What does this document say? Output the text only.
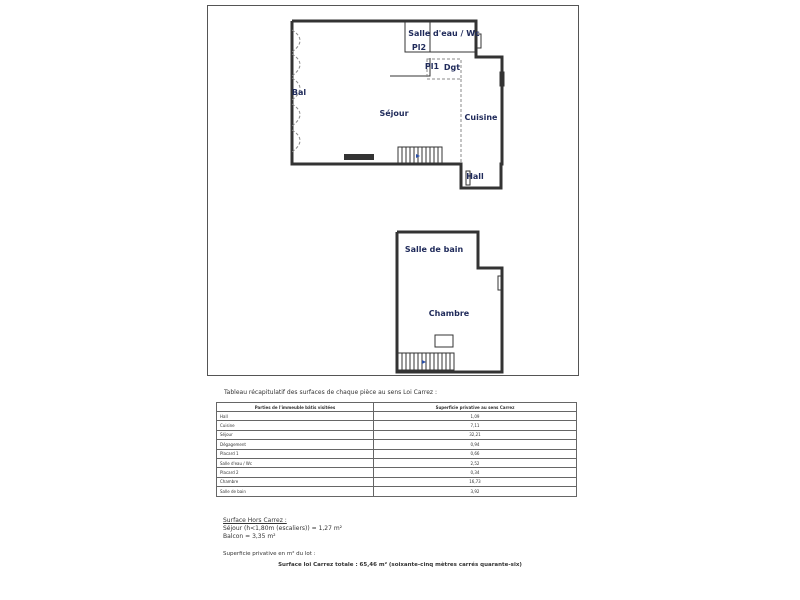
Salle d'eau / Wc
Pl2
Pl1 Dgt
Bal
Séjour	Cuisine
Hall
Salle de bain
Chambre
Tableau récapitulatif des surfaces de chaque pièce au sens Loi Carrez :
Parties de l'immeuble bâtis visitées	Superficie privative au sens Carrez
Hall	1,09
Cuisine	7,11
Séjour	32,21
Dégagement	0,94
Placard 1	0,66
Salle d'eau / Wc	2,52
Placard 2	0,34
Chambre	16,73
Salle de bain	3,92
Surface Hors Carrez :
Séjour (h<1,80m (escaliers)) = 1,27 m²
Balcon = 3,35 m²
Superficie privative en m² du lot :
Surface loi Carrez totale : 65,46 m² (soixante-cinq mètres carrés quarante-six)
